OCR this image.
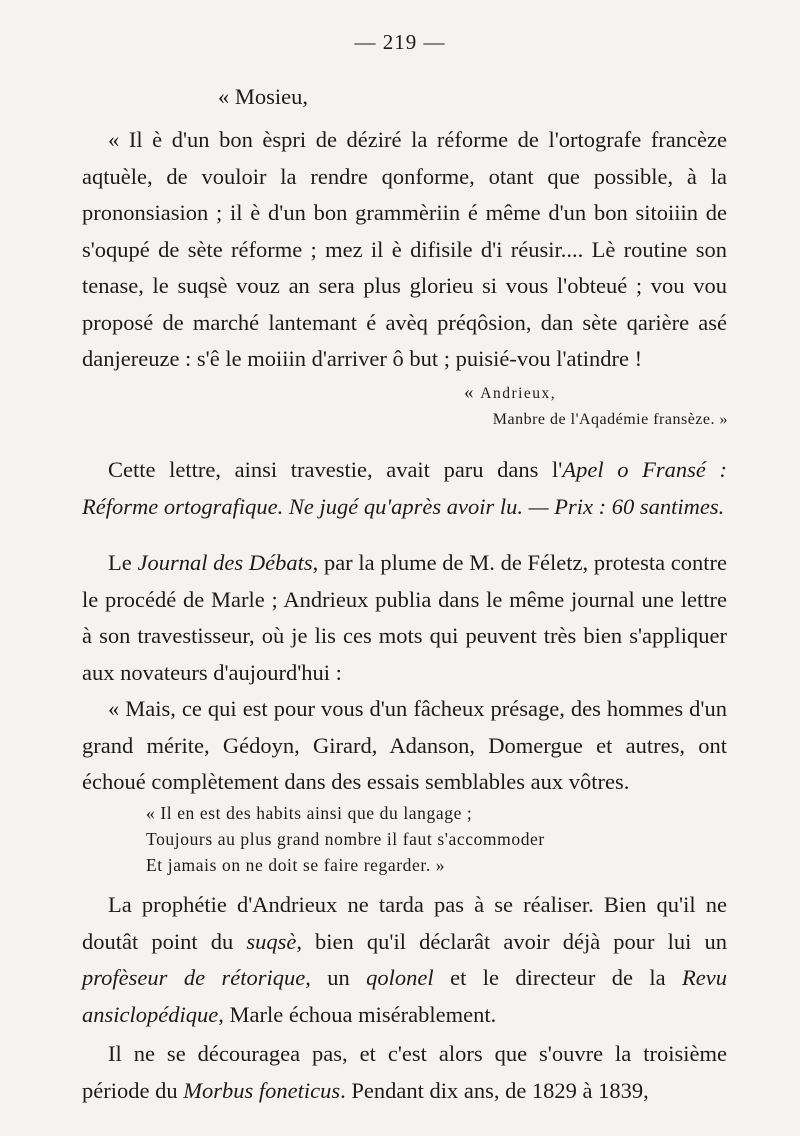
— 219 —
« Mosieu,

« Il è d'un bon èspri de déziré la réforme de l'ortografe francèze aqtuèle, de vouloir la rendre qonforme, otant que possible, à la prononsiasion ; il è d'un bon grammèriin é même d'un bon sitoiiin de s'oqupé de sète réforme ; mez il è difisile d'i réusir.... Lè routine son tenase, le suqsè vouz an sera plus glorieu si vous l'obteué ; vou vou proposé de marché lantemant é avèq préqôsion, dan sète qarière asé danjereuze : s'ê le moiiin d'arriver ô but ; puisié-vou l'atindre !

« Andrieux,
Manbre de l'Aqadémie fransèze. »

Cette lettre, ainsi travestie, avait paru dans l'Apel o Fransé : Réforme ortografique. Ne jugé qu'après avoir lu. — Prix : 60 santimes.

Le Journal des Débats, par la plume de M. de Féletz, protesta contre le procédé de Marle ; Andrieux publia dans le même journal une lettre à son travestisseur, où je lis ces mots qui peuvent très bien s'appliquer aux novateurs d'aujourd'hui :

« Mais, ce qui est pour vous d'un fâcheux présage, des hommes d'un grand mérite, Gédoyn, Girard, Adanson, Domergue et autres, ont échoué complètement dans des essais semblables aux vôtres.

« Il en est des habits ainsi que du langage ;
Toujours au plus grand nombre il faut s'accommoder
Et jamais on ne doit se faire regarder. »

La prophétie d'Andrieux ne tarda pas à se réaliser. Bien qu'il ne doutât point du suqsè, bien qu'il déclarât avoir déjà pour lui un profèseur de rétorique, un qolonel et le directeur de la Revu ansiclopédique, Marle échoua misérablement.

Il ne se découragea pas, et c'est alors que s'ouvre la troisième période du Morbus foneticus. Pendant dix ans, de 1829 à 1839,
